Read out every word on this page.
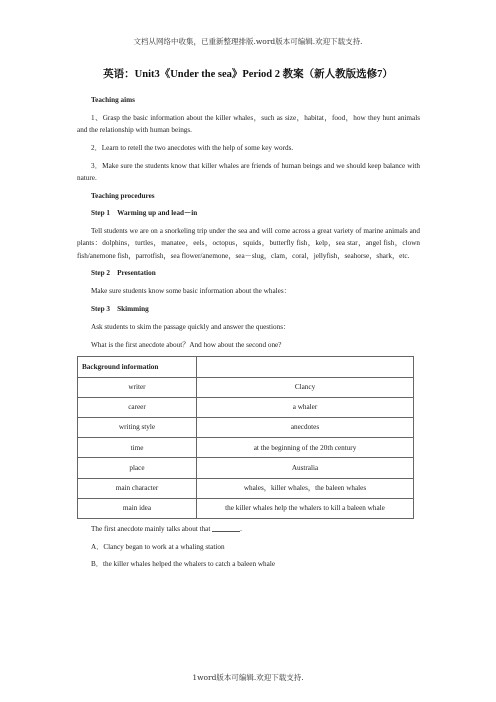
文档从网络中收集，已重新整理排版.word版本可编辑.欢迎下载支持.
英语：Unit3《Under the sea》Period 2 教案（新人教版选修7）

Teaching aims

1、Grasp the basic information about the killer whales，such as size，habitat，food，how they hunt animals and the relationship with human beings.

2．Learn to retell the two anecdotes with the help of some key words.

3．Make sure the students know that killer whales are friends of human beings and we should keep balance with nature.

Teaching procedures

Step 1　Warming up and lead－in

Tell students we are on a snorkeling trip under the sea and will come across a great variety of marine animals and plants：dolphins，turtles，manatee，eels，octopus，squids，butterfly fish，kelp，sea star，angel fish，clown fish/anemone fish，parrotfish，sea flower/anemone，sea－slug，clam，coral，jellyfish，seahorse，shark，etc.

Step 2　Presentation

Make sure students know some basic information about the whales：

Step 3　Skimming

Ask students to skim the passage quickly and answer the questions：

What is the first anecdote about？And how about the second one?

Background information	
writer	Clancy
career	a whaler
writing style	anecdotes
time	at the beginning of the 20th century
place	Australia
main character	whales，killer whales，the baleen whales
main idea	the killer whales help the whalers to kill a baleen whale

The first anecdote mainly talks about that	.

A．Clancy began to work at a whaling station

B．the killer whales helped the whalers to catch a baleen whale

1word版本可编辑.欢迎下载支持.
